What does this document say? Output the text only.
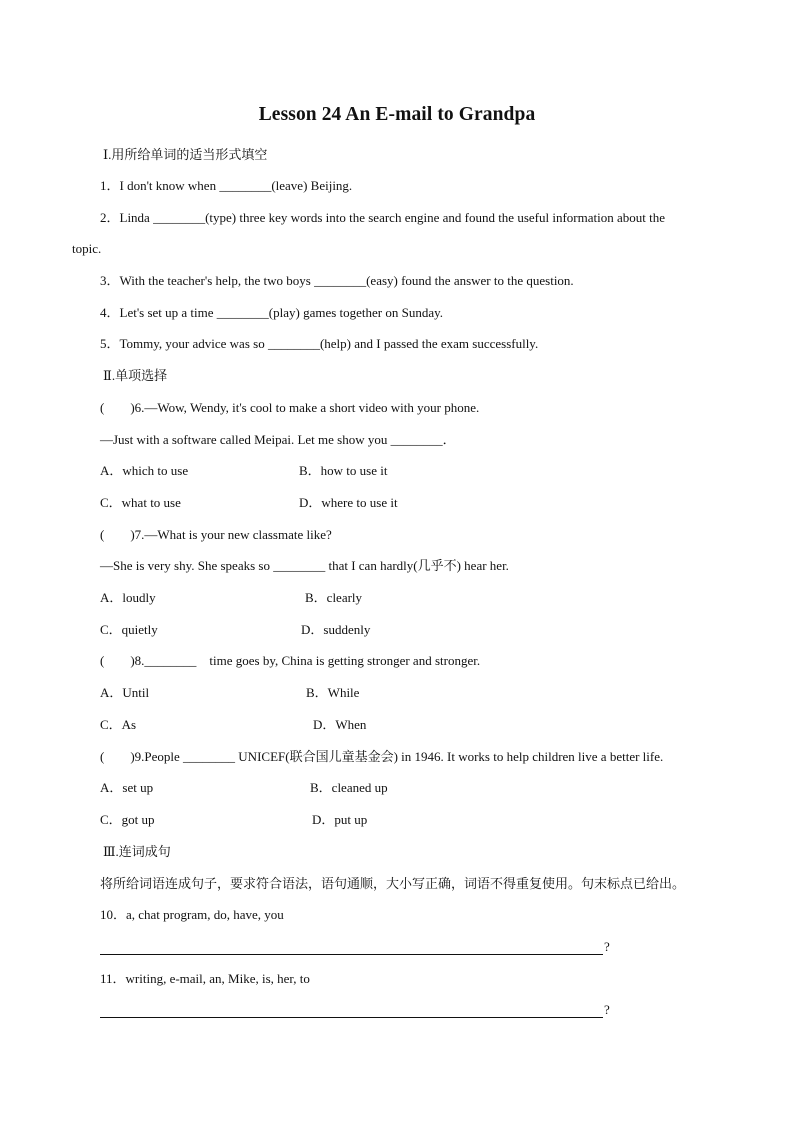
Lesson 24 An E-mail to Grandpa
Ⅰ.用所给单词的适当形式填空
1．I don't know when ________(leave) Beijing.
2．Linda ________(type) three key words into the search engine and found the useful information about the
topic.
3．With the teacher's help, the two boys ________(easy) found the answer to the question.
4．Let's set up a time ________(play) games together on Sunday.
5．Tommy, your advice was so ________(help) and I passed the exam successfully.
Ⅱ.单项选择
(　　)6.—Wow, Wendy, it's cool to make a short video with your phone.
—Just with a software called Meipai. Let me show you ________．
A．which to use	B．how to use it
C．what to use	D．where to use it
(　　)7.—What is your new classmate like?
—She is very shy. She speaks so ________ that I can hardly(几乎不) hear her.
A．loudly	B．clearly
C．quietly	D．suddenly
(　　)8.________　time goes by, China is getting stronger and stronger.
A．Until	B．While
C．As	D．When
(　　)9.People ________ UNICEF(联合国儿童基金会) in 1946. It works to help children live a better life.
A．set up	B．cleaned up
C．got up	D．put up
Ⅲ.连词成句
将所给词语连成句子，要求符合语法，语句通顺，大小写正确，词语不得重复使用。句末标点已给出。
10．a, chat program, do, have, you
?
11．writing, e-mail, an, Mike, is, her, to
?
